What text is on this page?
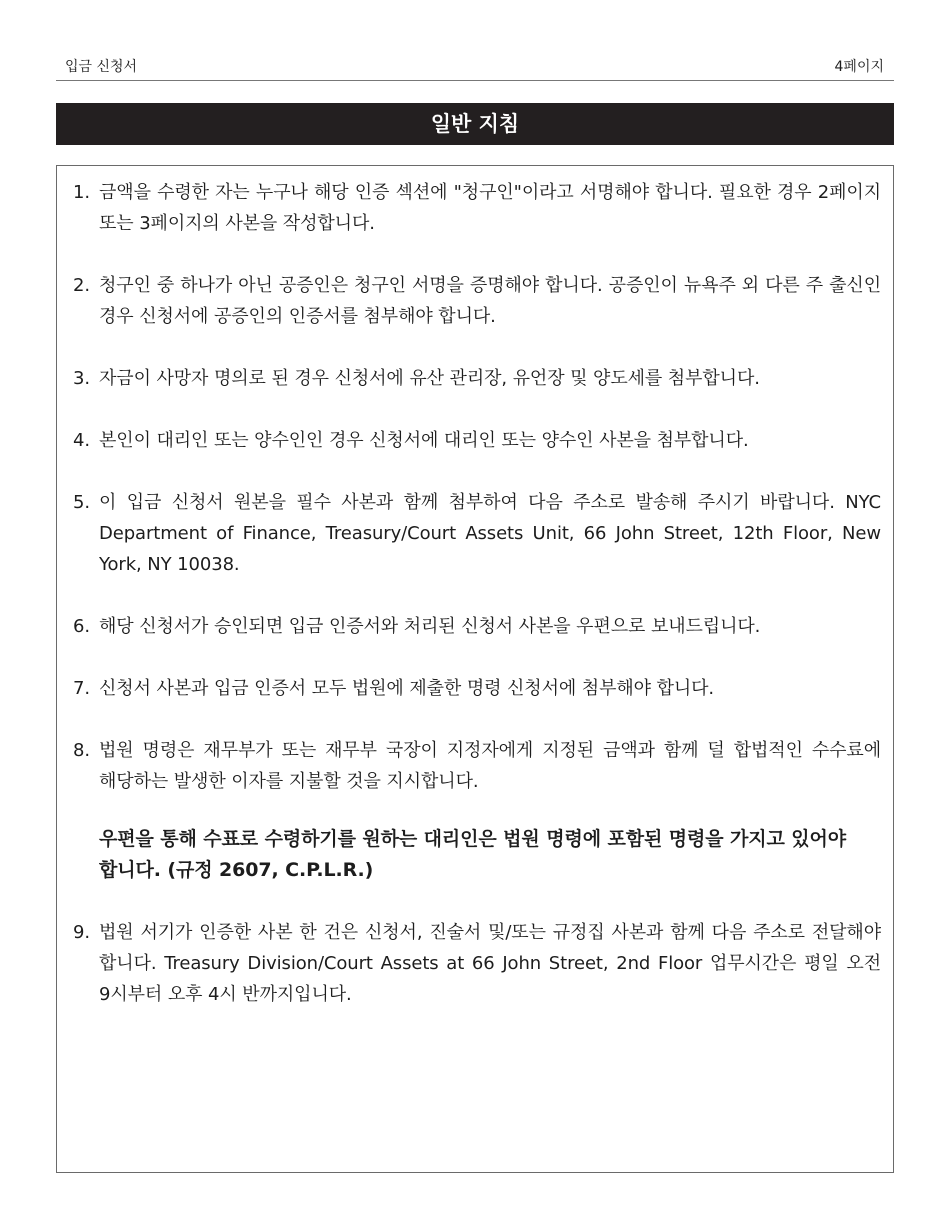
입금 신청서	4페이지
일반 지침
1. 금액을 수령한 자는 누구나 해당 인증 섹션에 "청구인"이라고 서명해야 합니다. 필요한 경우 2페이지 또는 3페이지의 사본을 작성합니다.
2. 청구인 중 하나가 아닌 공증인은 청구인 서명을 증명해야 합니다. 공증인이 뉴욕주 외 다른 주 출신인 경우 신청서에 공증인의 인증서를 첨부해야 합니다.
3. 자금이 사망자 명의로 된 경우 신청서에 유산 관리장, 유언장 및 양도세를 첨부합니다.
4. 본인이 대리인 또는 양수인인 경우 신청서에 대리인 또는 양수인 사본을 첨부합니다.
5. 이 입금 신청서 원본을 필수 사본과 함께 첨부하여 다음 주소로 발송해 주시기 바랍니다. NYC Department of Finance, Treasury/Court Assets Unit, 66 John Street, 12th Floor, New York, NY 10038.
6. 해당 신청서가 승인되면 입금 인증서와 처리된 신청서 사본을 우편으로 보내드립니다.
7. 신청서 사본과 입금 인증서 모두 법원에 제출한 명령 신청서에 첨부해야 합니다.
8. 법원 명령은 재무부가 또는 재무부 국장이 지정자에게 지정된 금액과 함께 덜 합법적인 수수료에 해당하는 발생한 이자를 지불할 것을 지시합니다.
우편을 통해 수표로 수령하기를 원하는 대리인은 법원 명령에 포함된 명령을 가지고 있어야 합니다. (규정 2607, C.P.L.R.)
9. 법원 서기가 인증한 사본 한 건은 신청서, 진술서 및/또는 규정집 사본과 함께 다음 주소로 전달해야 합니다. Treasury Division/Court Assets at 66 John Street, 2nd Floor 업무시간은 평일 오전 9시부터 오후 4시 반까지입니다.
